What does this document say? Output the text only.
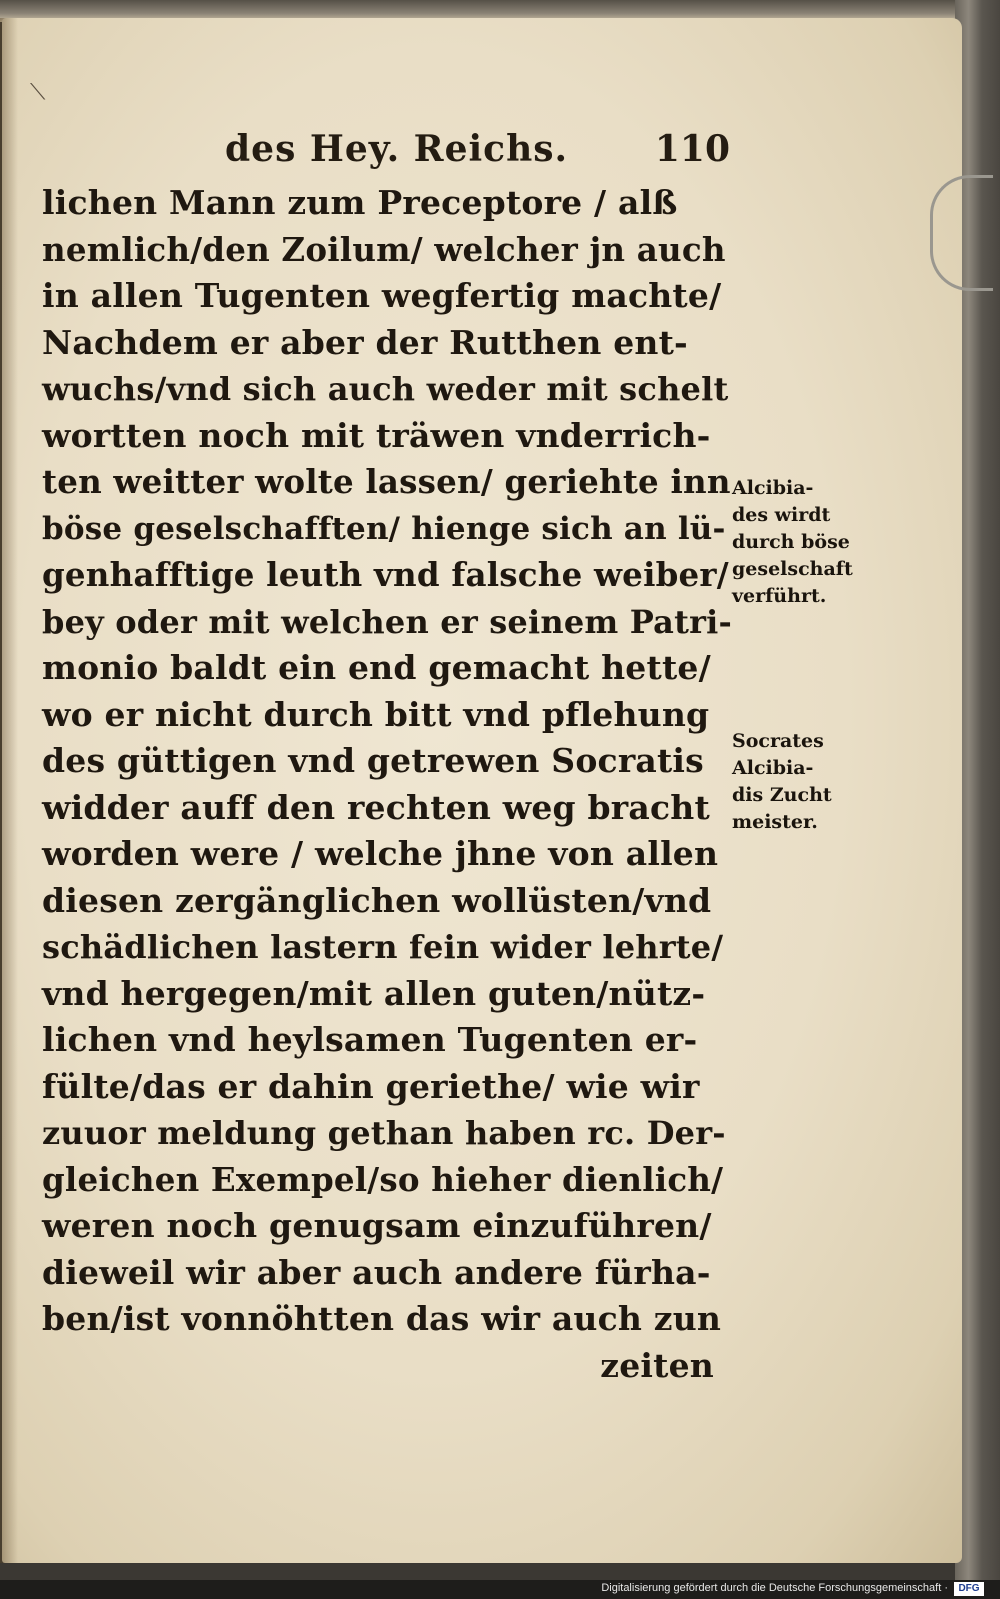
⟍
des Hey. Reichs. 110
lichen Mann zum Preceptore / alß
nemlich/den Zoilum/ welcher jn auch
in allen Tugenten wegfertig machte/
Nachdem er aber der Rutthen ent-
wuchs/vnd sich auch weder mit schelt
wortten noch mit träwen vnderrich-
ten weitter wolte lassen/ geriehte inn
böse geselschafften/ hienge sich an lü-
genhafftige leuth vnd falsche weiber/
bey oder mit welchen er seinem Patri-
monio baldt ein end gemacht hette/
wo er nicht durch bitt vnd pflehung
des güttigen vnd getrewen Socratis
widder auff den rechten weg bracht
worden were / welche jhne von allen
diesen zergänglichen wollüsten/vnd
schädlichen lastern fein wider lehrte/
vnd hergegen/mit allen guten/nütz-
lichen vnd heylsamen Tugenten er-
fülte/das er dahin geriethe/ wie wir
zuuor meldung gethan haben rc. Der-
gleichen Exempel/so hieher dienlich/
weren noch genugsam einzuführen/
dieweil wir aber auch andere fürha-
ben/ist vonnöhtten das wir auch zun
zeiten
Alcibia-
des wirdt
durch böse
geselschaft
verführt.
Socrates
Alcibia-
dis Zucht
meister.
Digitalisierung gefördert durch die Deutsche Forschungsgemeinschaft ·	DFG
